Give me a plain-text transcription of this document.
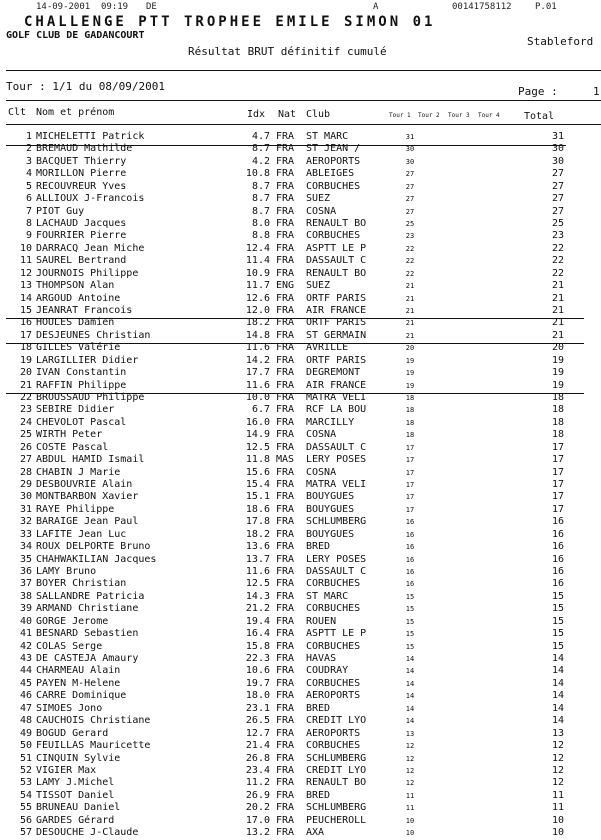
14-09-2001 09:19 DE	A	00141758112	P.01
CHALLENGE PTT TROPHEE EMILE SIMON 01
GOLF CLUB DE GADANCOURT	Stableford
Résultat BRUT définitif cumulé
Tour : 1/1 du 08/09/2001	Page :	1
Clt Nom et prénom	Idx Nat Club	Tour 1 Tour 2 Tour 3 Tour 4 Total
1 MICHELETTI Patrick	4.7 FRA	ST MARC	31	31
2 BREMAUD Mathilde	8.7 FRA	ST JEAN /	30	30
3 BACQUET Thierry	4.2 FRA	AEROPORTS	30	30
4 MORILLON Pierre	10.8 FRA	ABLEIGES	27	27
5 RECOUVREUR Yves	8.7 FRA	CORBUCHES	27	27
6 ALLIOUX J-Francois	8.7 FRA	SUEZ	27	27
7 PIOT Guy	8.7 FRA	COSNA	27	27
8 LACHAUD Jacques	8.0 FRA	RENAULT BO	25	25
9 FOURRIER Pierre	8.8 FRA	CORBUCHES	23	23
10 DARRACQ Jean Miche	12.4 FRA	ASPTT LE P	22	22
11 SAUREL Bertrand	11.4 FRA	DASSAULT C	22	22
12 JOURNOIS Philippe	10.9 FRA	RENAULT BO	22	22
13 THOMPSON Alan	11.7 ENG	SUEZ	21	21
14 ARGOUD Antoine	12.6 FRA	ORTF PARIS	21	21
15 JEANRAT Francois	12.0 FRA	AIR FRANCE	21	21
16 HOULES Damien	18.2 FRA	ORTF PARIS	21	21
17 DESJEUNES Christian	14.8 FRA	ST GERMAIN	21	21
18 GILLES Valérie	11.6 FRA	AVRILLE	20	20
19 LARGILLIER Didier	14.2 FRA	ORTF PARIS	19	19
20 IVAN Constantin	17.7 FRA	DEGREMONT	19	19
21 RAFFIN Philippe	11.6 FRA	AIR FRANCE	19	19
22 BROUSSAUD Philippe	10.0 FRA	MATRA VELI	18	18
23 SEBIRE Didier	6.7 FRA	RCF LA BOU	18	18
24 CHEVOLOT Pascal	16.0 FRA	MARCILLY	18	18
25 WIRTH Peter	14.9 FRA	COSNA	18	18
26 COSTE Pascal	12.5 FRA	DASSAULT C	17	17
27 ABDUL HAMID Ismail	11.8 MAS	LERY POSES	17	17
28 CHABIN J Marie	15.6 FRA	COSNA	17	17
29 DESBOUVRIE Alain	15.4 FRA	MATRA VELI	17	17
30 MONTBARBON Xavier	15.1 FRA	BOUYGUES	17	17
31 RAYE Philippe	18.6 FRA	BOUYGUES	17	17
32 BARAIGE Jean Paul	17.8 FRA	SCHLUMBERG	16	16
33 LAFITE Jean Luc	18.2 FRA	BOUYGUES	16	16
34 ROUX DELPORTE Bruno	13.6 FRA	BRED	16	16
35 CHAHWAKILIAN Jacques	13.7 FRA	LERY POSES	16	16
36 LAMY Bruno	11.6 FRA	DASSAULT C	16	16
37 BOYER Christian	12.5 FRA	CORBUCHES	16	16
38 SALLANDRE Patricia	14.3 FRA	ST MARC	15	15
39 ARMAND Christiane	21.2 FRA	CORBUCHES	15	15
40 GORGE Jerome	19.4 FRA	ROUEN	15	15
41 BESNARD Sebastien	16.4 FRA	ASPTT LE P	15	15
42 COLAS Serge	15.8 FRA	CORBUCHES	15	15
43 DE CASTEJA Amaury	22.3 FRA	HAVAS	14	14
44 CHARMEAU Alain	10.6 FRA	COUDRAY	14	14
45 PAYEN M-Helene	19.7 FRA	CORBUCHES	14	14
46 CARRE Dominique	18.0 FRA	AEROPORTS	14	14
47 SIMOES Jono	23.1 FRA	BRED	14	14
48 CAUCHOIS Christiane	26.5 FRA	CREDIT LYO	14	14
49 BOGUD Gerard	12.7 FRA	AEROPORTS	13	13
50 FEUILLAS Mauricette	21.4 FRA	CORBUCHES	12	12
51 CINQUIN Sylvie	26.8 FRA	SCHLUMBERG	12	12
52 VIGIER Max	23.4 FRA	CREDIT LYO	12	12
53 LAMY J.Michel	11.2 FRA	RENAULT BO	12	12
54 TISSOT Daniel	26.9 FRA	BRED	11	11
55 BRUNEAU Daniel	20.2 FRA	SCHLUMBERG	11	11
56 GARDES Gérard	17.0 FRA	PEUCHEROLL	10	10
57 DESOUCHE J-Claude	13.2 FRA	AXA	10	10
